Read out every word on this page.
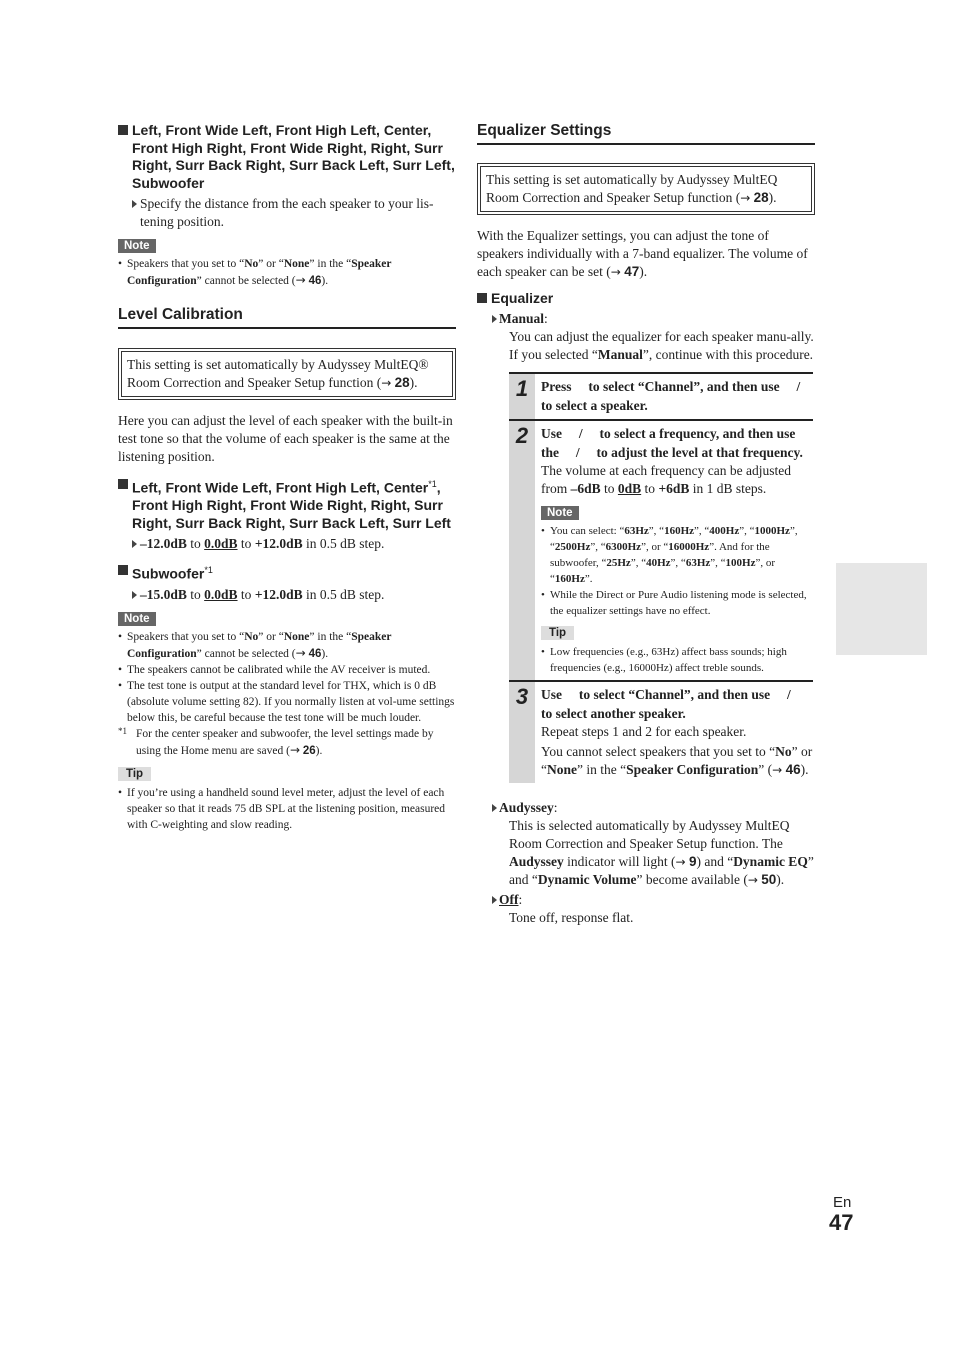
Left, Front Wide Left, Front High Left, Center, Front High Right, Front Wide Right, Right, Surr Right, Surr Back Right, Surr Back Left, Surr Left, Subwoofer

Specify the distance from the each speaker to your lis-tening position.

Note
• Speakers that you set to “No” or “None” in the “Speaker Configuration” cannot be selected (→ 46).
Level Calibration
This setting is set automatically by Audyssey MultEQ® Room Correction and Speaker Setup function (→ 28).

Here you can adjust the level of each speaker with the built-in test tone so that the volume of each speaker is the same at the listening position.

Left, Front Wide Left, Front High Left, Center$^{*1}$, Front High Right, Front Wide Right, Right, Surr Right, Surr Back Right, Surr Back Left, Surr Left

–12.0dB to 0.0dB to +12.0dB in 0.5 dB step.

Subwoofer$^{*1}$

–15.0dB to 0.0dB to +12.0dB in 0.5 dB step.

Note
• Speakers that you set to “No” or “None” in the “Speaker Configuration” cannot be selected (→ 46).
• The speakers cannot be calibrated while the AV receiver is muted.
• The test tone is output at the standard level for THX, which is 0 dB (absolute volume setting 82). If you normally listen at vol-ume settings below this, be careful because the test tone will be much louder.
*1 For the center speaker and subwoofer, the level settings made by using the Home menu are saved (→ 26).
Tip
• If you’re using a handheld sound level meter, adjust the level of each speaker so that it reads 75 dB SPL at the listening position, measured with C-weighting and slow reading.
Equalizer Settings
This setting is set automatically by Audyssey MultEQ Room Correction and Speaker Setup function (→ 28).

With the Equalizer settings, you can adjust the tone of speakers individually with a 7-band equalizer. The volume of each speaker can be set (→ 47).

Equalizer

Manual:

You can adjust the equalizer for each speaker manu-ally. If you selected “Manual”, continue with this procedure.

1 Press     to select “Channel”, and then use     /     to select a speaker.
2 Use     /     to select a frequency, and then use the     /     to adjust the level at that frequency.
The volume at each frequency can be adjusted from –6dB to 0dB to +6dB in 1 dB steps.
Note
• You can select: “63Hz”, “160Hz”, “400Hz”, “1000Hz”, “2500Hz”, “6300Hz”, or “16000Hz”. And for the subwoofer, “25Hz”, “40Hz”, “63Hz”, “100Hz”, or “160Hz”.
• While the Direct or Pure Audio listening mode is selected, the equalizer settings have no effect.
Tip
• Low frequencies (e.g., 63Hz) affect bass sounds; high frequencies (e.g., 16000Hz) affect treble sounds.
3 Use     to select “Channel”, and then use     /     to select another speaker.
Repeat steps 1 and 2 for each speaker.
You cannot select speakers that you set to “No” or “None” in the “Speaker Configuration” (→ 46).

Audyssey:

This is selected automatically by Audyssey MultEQ Room Correction and Speaker Setup function. The Audyssey indicator will light (→ 9) and “Dynamic EQ” and “Dynamic Volume” become available (→ 50).

Off:

Tone off, response flat.

En
47
